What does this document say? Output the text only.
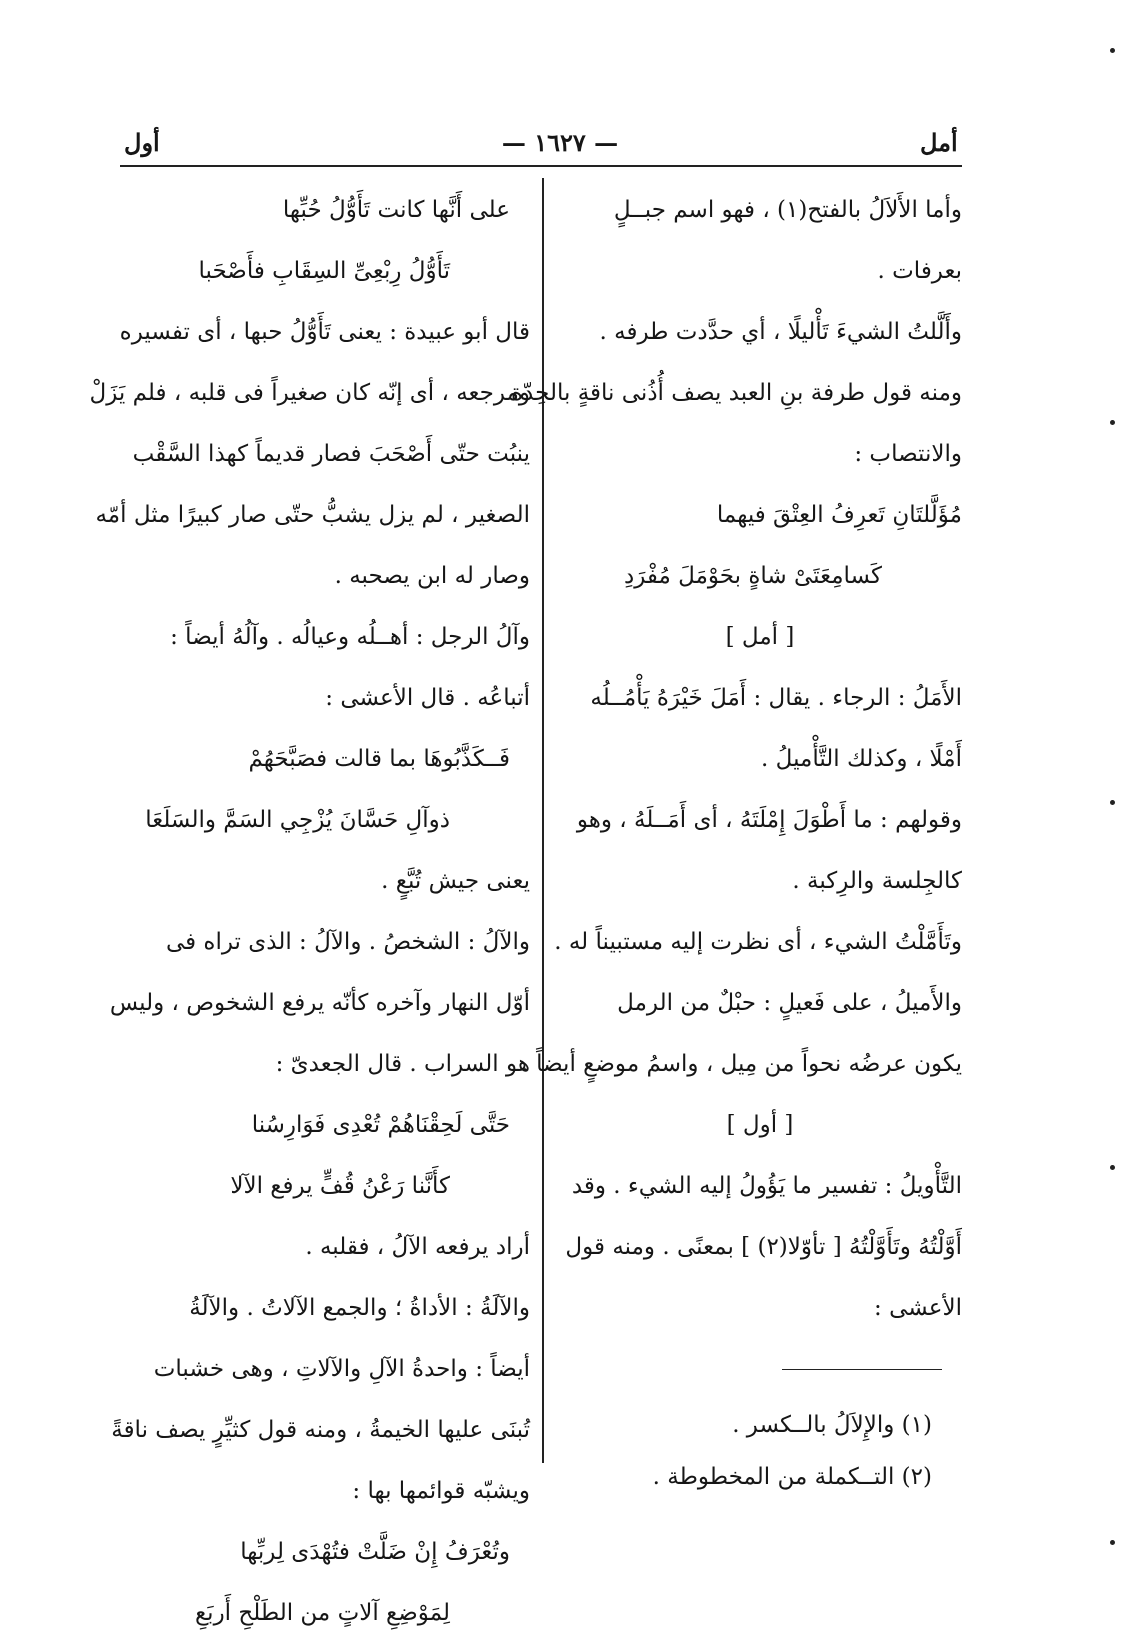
أول	— ١٦٢٧ —	أمل
وأما الأَلاَلُ بالفتح(١) ، فهو اسم جبــلٍ
بعرفات .
وأَلَّلتُ الشيءَ تَأْليلًا ، أي حدَّدت طرفه .
ومنه قول طرفة بنِ العبد يصف أُذُنى ناقةٍ بالحِدّة
والانتصاب :
مُؤَلَّلتَانِ تَعرِفُ العِتْقَ فيهما
كَسامِعَتَىْ شاةٍ بحَوْمَلَ مُفْرَدِ
[ أمل ]
الأَمَلُ : الرجاء . يقال : أَمَلَ خَيْرَهُ يَأْمُــلُه
أَمْلًا ، وكذلك التَّأْميلُ .
وقولهم : ما أَطْوَلَ إِمْلَتَهُ ، أى أَمَــلَهُ ، وهو
كالجِلسة والرِكبة .
وتَأَمَّلْتُ الشيء ، أى نظرت إليه مستبيناً له .
والأَميلُ ، على فَعيلٍ : حبْلٌ من الرمل
يكون عرضُه نحواً من مِيل ، واسمُ موضعٍ أيضاً .
[ أول ]
التَّأْويلُ : تفسير ما يَؤُولُ إليه الشيء . وقد
أَوَّلْتُهُ وتَأَوَّلْتُهُ [ تأوّلا(٢) ] بمعنًى . ومنه قول
الأعشى :
(١) والإِلاَلُ بالــكسر .
(٢) التــكملة من المخطوطة .
على أَنَّها كانت تَأَوُّلُ حُبِّها
تَأَوُّلُ رِبْعِىِّ السِقَابِ فأَصْحَبا
قال أبو عبيدة : يعنى تَأَوُّلُ حبها ، أى تفسيره
ومرجعه ، أى إنّه كان صغيراً فى قلبه ، فلم يَزَلْ
ينبُت حتّى أَصْحَبَ فصار قديماً كهذا السَّقْب
الصغير ، لم يزل يشبُّ حتّى صار كبيرًا مثل أمّه
وصار له ابن يصحبه .
وآلُ الرجل : أهــلُه وعيالُه . وآلُهُ أيضاً :
أتباعُه . قال الأعشى :
فَــكَذَّبُوهَا بما قالت فصَبَّحَهُمْ
ذوآلِ حَسَّانَ يُزْجِي السَمَّ والسَلَعَا
يعنى جيش تُبَّعٍ .
والآلُ : الشخصُ . والآلُ : الذى تراه فى
أوّل النهار وآخره كأنّه يرفع الشخوص ، وليس
هو السراب . قال الجعدىّ :
حَتَّى لَحِقْنَاهُمْ تُعْدِى فَوَارِسُنا
كأَنَّنا رَعْنُ قُفٍّ يرفع الآلا
أراد يرفعه الآلُ ، فقلبه .
والآلَةُ : الأداةُ ؛ والجمع الآلاتُ . والآلَةُ
أيضاً : واحدةُ الآلِ والآلاتِ ، وهى خشبات
تُبنَى عليها الخيمةُ ، ومنه قول كثيِّرٍ يصف ناقةً
ويشبّه قوائمها بها :
وتُعْرَفُ إِنْ ضَلَّتْ فتُهْدَى لِربِّها
لِمَوْضِعِ آلاتٍ من الطَلْحِ أَربَعِ
